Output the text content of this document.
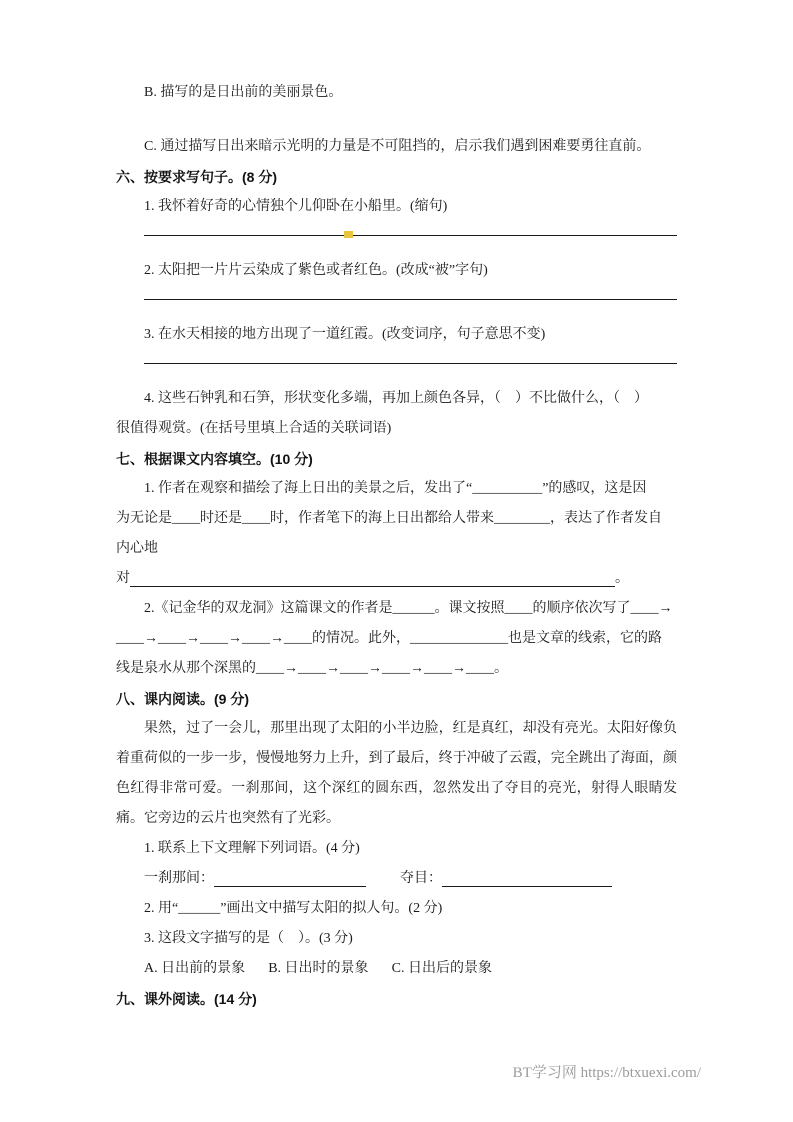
B. 描写的是日出前的美丽景色。
C. 通过描写日出来暗示光明的力量是不可阻挡的，启示我们遇到困难要勇往直前。
六、按要求写句子。(8 分)
1. 我怀着好奇的心情独个儿仰卧在小船里。(缩句)
2. 太阳把一片片云染成了紫色或者红色。(改成“被”字句)
3. 在水天相接的地方出现了一道红霞。(改变词序，句子意思不变)
4. 这些石钟乳和石笋，形状变化多端，再加上颜色各异，（　）不比做什么，（　）
很值得观赏。(在括号里填上合适的关联词语)
七、根据课文内容填空。(10 分)
1. 作者在观察和描绘了海上日出的美景之后，发出了“__________”的感叹，这是因
为无论是____时还是____时，作者笔下的海上日出都给人带来________，表达了作者发自
内心地
对	。
2.《记金华的双龙洞》这篇课文的作者是______。课文按照____的顺序依次写了____→
____→____→____→____→____的情况。此外，______________也是文章的线索，它的路
线是泉水从那个深黑的____→____→____→____→____→____。
八、课内阅读。(9 分)

果然，过了一会儿，那里出现了太阳的小半边脸，红是真红，却没有亮光。太阳好像负着重荷似的一步一步，慢慢地努力上升，到了最后，终于冲破了云霞，完全跳出了海面，颜色红得非常可爱。一刹那间，这个深红的圆东西，忽然发出了夺目的亮光，射得人眼睛发痛。它旁边的云片也突然有了光彩。

1. 联系上下文理解下列词语。(4 分)
一刹那间：	夺目：
2. 用“______”画出文中描写太阳的拟人句。(2 分)
3. 这段文字描写的是（　）。(3 分)
A. 日出前的景象 B. 日出时的景象 C. 日出后的景象
九、课外阅读。(14 分)
BT学习网 https://btxuexi.com/
